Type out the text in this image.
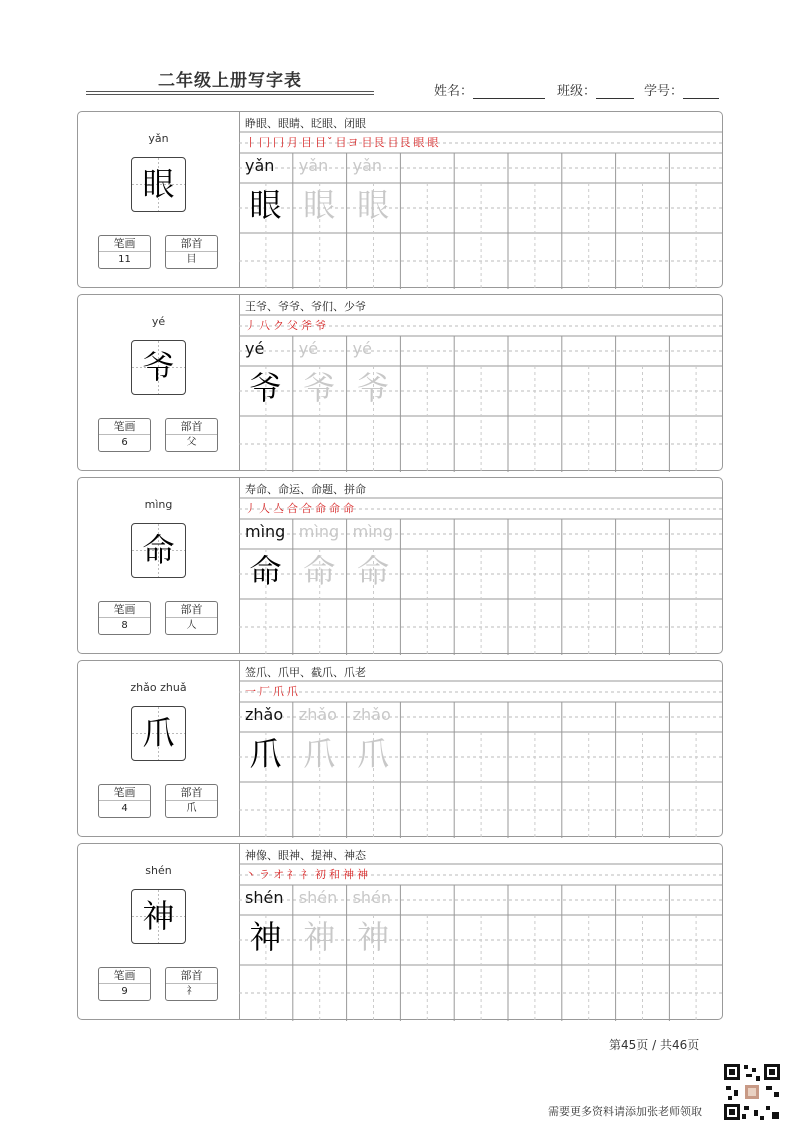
二年级上册写字表
姓名：	班级：	学号：
yǎn
眼
笔画
11
部首
目
睁眼、眼睛、眨眼、闭眼
丨 冂 冂 月 目 目ˇ 目ヨ 目艮 目艮 眼 眼
yǎn
眼
yǎn
眼
yǎn
眼
yé
爷
笔画
6
部首
父
王爷、爷爷、爷们、少爷
丿 八 ク 父 斧 爷
yé
爷
yé
爷
yé
爷
mìng
命
笔画
8
部首
人
寿命、命运、命题、拼命
丿 人 亼 合 合 命 命 命
mìng
命
mìng
命
mìng
命
zhǎo zhuǎ
爪
笔画
4
部首
爪
签爪、爪甲、截爪、爪老
一 厂 爪 爪
zhǎo
爪
zhǎo
爪
zhǎo
爪
shén
神
笔画
9
部首
礻
神像、眼神、提神、神态
丶 ラ オ 礻 礻 初 和 神 神
shén
神
shén
神
shén
神
第45页 / 共46页
需要更多资料请添加张老师领取
